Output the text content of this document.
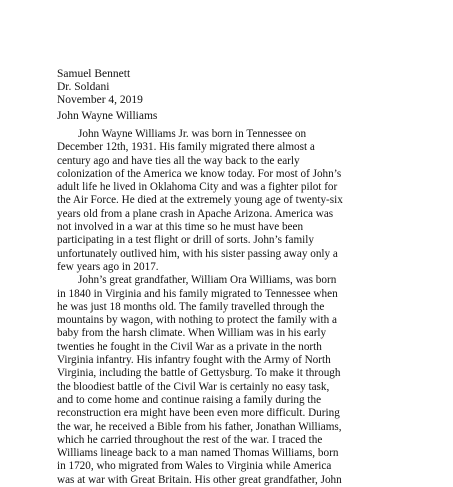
Samuel Bennett
Dr. Soldani
November 4, 2019
John Wayne Williams
John Wayne Williams Jr. was born in Tennessee on
December 12th, 1931. His family migrated there almost a
century ago and have ties all the way back to the early
colonization of the America we know today. For most of John’s
adult life he lived in Oklahoma City and was a fighter pilot for
the Air Force. He died at the extremely young age of twenty-six
years old from a plane crash in Apache Arizona. America was
not involved in a war at this time so he must have been
participating in a test flight or drill of sorts. John’s family
unfortunately outlived him, with his sister passing away only a
few years ago in 2017.
John’s great grandfather, William Ora Williams, was born
in 1840 in Virginia and his family migrated to Tennessee when
he was just 18 months old. The family travelled through the
mountains by wagon, with nothing to protect the family with a
baby from the harsh climate. When William was in his early
twenties he fought in the Civil War as a private in the north
Virginia infantry. His infantry fought with the Army of North
Virginia, including the battle of Gettysburg. To make it through
the bloodiest battle of the Civil War is certainly no easy task,
and to come home and continue raising a family during the
reconstruction era might have been even more difficult. During
the war, he received a Bible from his father, Jonathan Williams,
which he carried throughout the rest of the war. I traced the
Williams lineage back to a man named Thomas Williams, born
in 1720, who migrated from Wales to Virginia while America
was at war with Great Britain. His other great grandfather, John
